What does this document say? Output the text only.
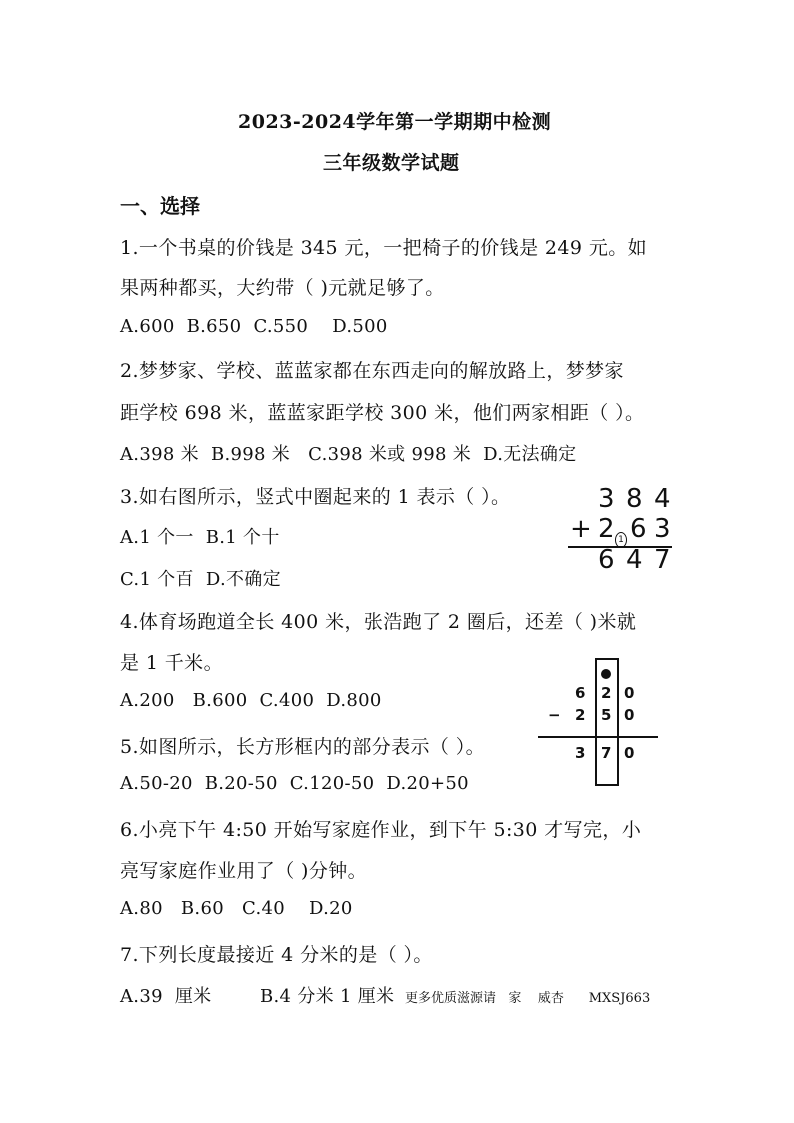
2023-2024学年第一学期期中检测
三年级数学试题
一、选择
1.一个书桌的价钱是 345 元，一把椅子的价钱是 249 元。如
果两种都买，大约带（ )元就足够了。
A.600  B.650  C.550    D.500
2.梦梦家、学校、蓝蓝家都在东西走向的解放路上，梦梦家
距学校 698 米，蓝蓝家距学校 300 米，他们两家相距（ ）。
A.398 米  B.998 米   C.398 米或 998 米  D.无法确定
3.如右图所示，竖式中圈起来的 1 表示（ ）。
A.1 个一  B.1 个十
C.1 个百  D.不确定
3 8 4
+ 2 1 6 3
6 4 7
4.体育场跑道全长 400 米，张浩跑了 2 圈后，还差（ )米就
是 1 千米。
A.200   B.600  C.400  D.800
5.如图所示，长方形框内的部分表示（ ）。
A.50-20  B.20-50  C.120-50  D.20+50
6 2 0
− 2 5 0
3 7 0
6.小亮下午 4:50 开始写家庭作业，到下午 5:30 才写完，小
亮写家庭作业用了（ )分钟。
A.80   B.60   C.40    D.20
7.下列长度最接近 4 分米的是（ ）。
A.39  厘米	B.4 分米 1 厘米 更多优质滋源请   家    威杏      MXSJ663
